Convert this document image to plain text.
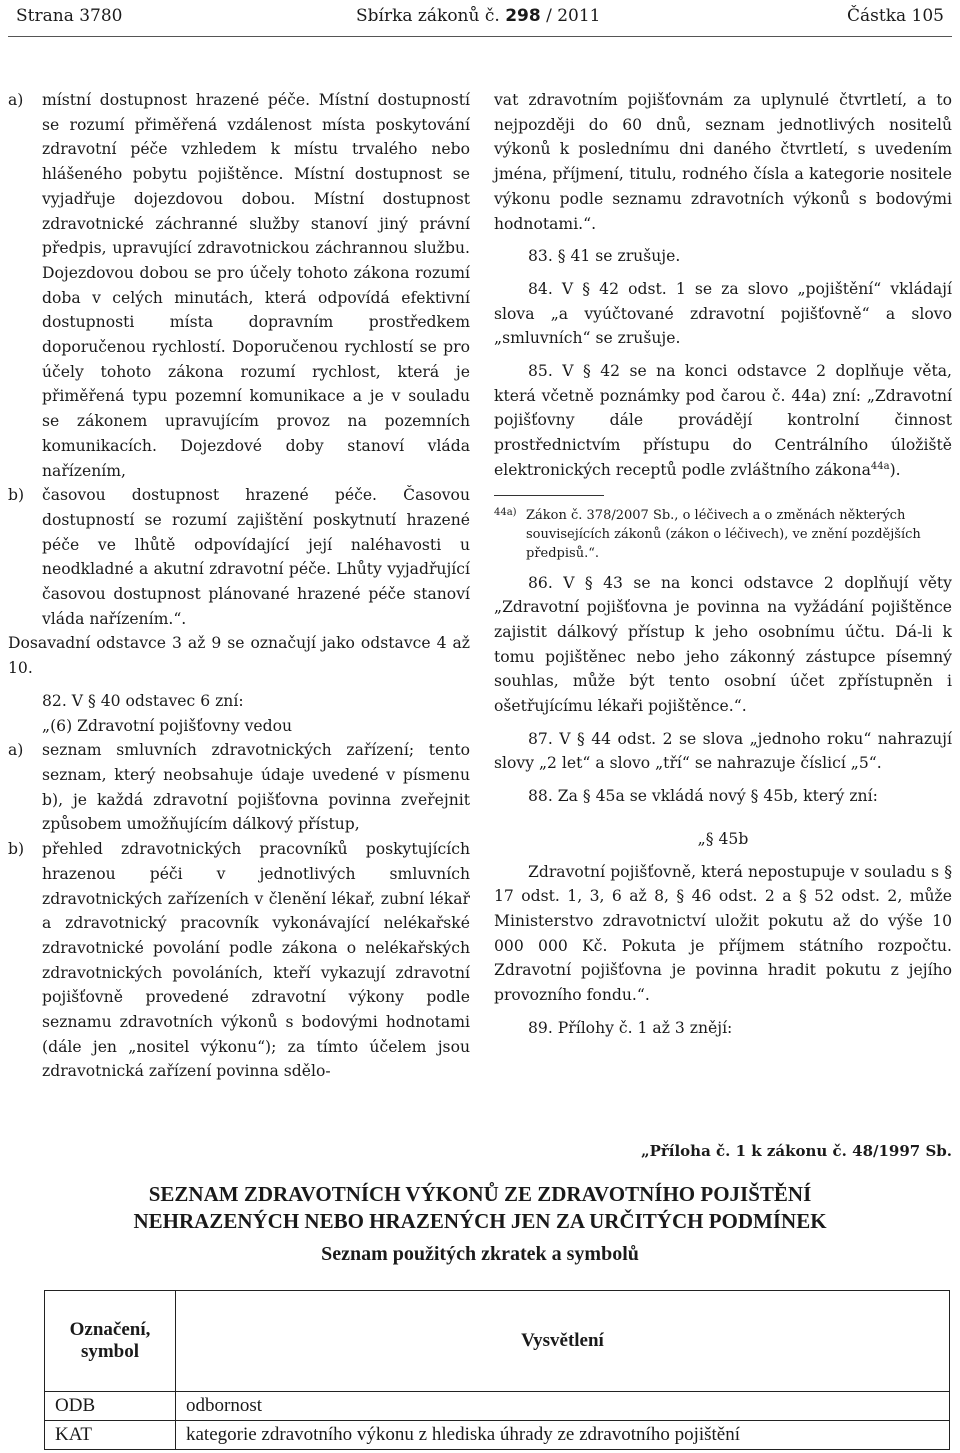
Strana 3780	Sbírka zákonů č. 298 / 2011	Částka 105
a)	místní dostupnost hrazené péče. Místní dostupností se rozumí přiměřená vzdálenost místa poskytování zdravotní péče vzhledem k místu trvalého nebo hlášeného pobytu pojištěnce. Místní dostupnost se vyjadřuje dojezdovou dobou. Místní dostupnost zdravotnické záchranné služby stanoví jiný právní předpis, upravující zdravotnickou záchrannou službu. Dojezdovou dobou se pro účely tohoto zákona rozumí doba v celých minutách, která odpovídá efektivní dostupnosti místa dopravním prostředkem doporučenou rychlostí. Doporučenou rychlostí se pro účely tohoto zákona rozumí rychlost, která je přiměřená typu pozemní komunikace a je v souladu se zákonem upravujícím provoz na pozemních komunikacích. Dojezdové doby stanoví vláda nařízením,
b)	časovou dostupnost hrazené péče. Časovou dostupností se rozumí zajištění poskytnutí hrazené péče ve lhůtě odpovídající její naléhavosti u neodkladné a akutní zdravotní péče. Lhůty vyjadřující časovou dostupnost plánované hrazené péče stanoví vláda nařízením.“.

Dosavadní odstavce 3 až 9 se označují jako odstavce 4 až 10.

82. V § 40 odstavec 6 zní:

„(6) Zdravotní pojišťovny vedou

a)	seznam smluvních zdravotnických zařízení; tento seznam, který neobsahuje údaje uvedené v písmenu b), je každá zdravotní pojišťovna povinna zveřejnit způsobem umožňujícím dálkový přístup,
b)	přehled zdravotnických pracovníků poskytujících hrazenou péči v jednotlivých smluvních zdravotnických zařízeních v členění lékař, zubní lékař a zdravotnický pracovník vykonávající nelékařské zdravotnické povolání podle zákona o nelékařských zdravotnických povoláních, kteří vykazují zdravotní pojišťovně provedené zdravotní výkony podle seznamu zdravotních výkonů s bodovými hodnotami (dále jen „nositel výkonu“); za tímto účelem jsou zdravotnická zařízení povinna sdělo-

vat zdravotním pojišťovnám za uplynulé čtvrtletí, a to nejpozději do 60 dnů, seznam jednotlivých nositelů výkonů k poslednímu dni daného čtvrtletí, s uvedením jména, příjmení, titulu, rodného čísla a kategorie nositele výkonu podle seznamu zdravotních výkonů s bodovými hodnotami.“.

83. § 41 se zrušuje.

84. V § 42 odst. 1 se za slovo „pojištění“ vkládají slova „a vyúčtované zdravotní pojišťovně“ a slovo „smluvních“ se zrušuje.

85. V § 42 se na konci odstavce 2 doplňuje věta, která včetně poznámky pod čarou č. 44a) zní: „Zdravotní pojišťovny dále provádějí kontrolní činnost prostřednictvím přístupu do Centrálního úložiště elektronických receptů podle zvláštního zákona$^{44a}$).

44a) Zákon č. 378/2007 Sb., o léčivech a o změnách některých souvisejících zákonů (zákon o léčivech), ve znění pozdějších předpisů.“.

86. V § 43 se na konci odstavce 2 doplňují věty „Zdravotní pojišťovna je povinna na vyžádání pojištěnce zajistit dálkový přístup k jeho osobnímu účtu. Dá-li k tomu pojištěnec nebo jeho zákonný zástupce písemný souhlas, může být tento osobní účet zpřístupněn i ošetřujícímu lékaři pojištěnce.“.

87. V § 44 odst. 2 se slova „jednoho roku“ nahrazují slovy „2 let“ a slovo „tří“ se nahrazuje číslicí „5“.

88. Za § 45a se vkládá nový § 45b, který zní:

„§ 45b

Zdravotní pojišťovně, která nepostupuje v souladu s § 17 odst. 1, 3, 6 až 8, § 46 odst. 2 a § 52 odst. 2, může Ministerstvo zdravotnictví uložit pokutu až do výše 10 000 000 Kč. Pokuta je příjmem státního rozpočtu. Zdravotní pojišťovna je povinna hradit pokutu z jejího provozního fondu.“.

89. Přílohy č. 1 až 3 znějí:

„Příloha č. 1 k zákonu č. 48/1997 Sb.
SEZNAM ZDRAVOTNÍCH VÝKONŮ ZE ZDRAVOTNÍHO POJIŠTĚNÍ
NEHRAZENÝCH NEBO HRAZENÝCH JEN ZA URČITÝCH PODMÍNEK
Seznam použitých zkratek a symbolů
Označení,
symbol	Vysvětlení
ODB	odbornost
KAT	kategorie zdravotního výkonu z hlediska úhrady ze zdravotního pojištění
